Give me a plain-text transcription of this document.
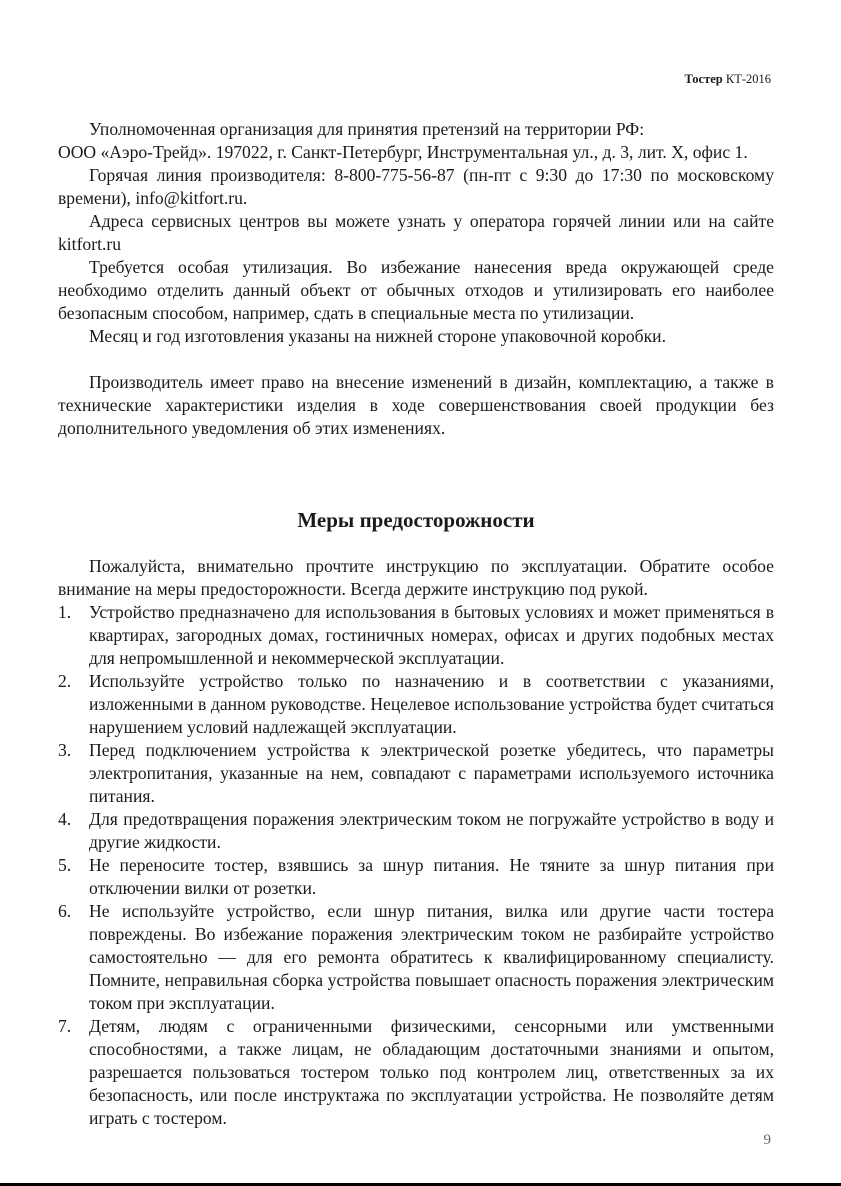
Тостер КТ-2016

Уполномоченная организация для принятия претензий на территории РФ:

ООО «Аэро-Трейд». 197022, г. Санкт-Петербург, Инструментальная ул., д. 3, лит. Х, офис 1.

Горячая линия производителя: 8-800-775-56-87 (пн-пт с 9:30 до 17:30 по московскому времени), info@kitfort.ru.

Адреса сервисных центров вы можете узнать у оператора горячей линии или на сайте kitfort.ru

Требуется особая утилизация. Во избежание нанесения вреда окружающей среде необходимо отделить данный объект от обычных отходов и утилизировать его наиболее безопасным способом, например, сдать в специальные места по утилизации.

Месяц и год изготовления указаны на нижней стороне упаковочной коробки.

Производитель имеет право на внесение изменений в дизайн, комплектацию, а также в технические характеристики изделия в ходе совершенствования своей продукции без дополнительного уведомления об этих изменениях.

Меры предосторожности

Пожалуйста, внимательно прочтите инструкцию по эксплуатации. Обратите особое внимание на меры предосторожности. Всегда держите инструкцию под рукой.

1. Устройство предназначено для использования в бытовых условиях и может применяться в квартирах, загородных домах, гостиничных номерах, офисах и других подобных местах для непромышленной и некоммерческой эксплуатации.
2. Используйте устройство только по назначению и в соответствии с указаниями, изложенными в данном руководстве. Нецелевое использование устройства будет считаться нарушением условий надлежащей эксплуатации.
3. Перед подключением устройства к электрической розетке убедитесь, что параметры электропитания, указанные на нем, совпадают с параметрами используемого источника питания.
4. Для предотвращения поражения электрическим током не погружайте устройство в воду и другие жидкости.
5. Не переносите тостер, взявшись за шнур питания. Не тяните за шнур питания при отключении вилки от розетки.
6. Не используйте устройство, если шнур питания, вилка или другие части тостера повреждены. Во избежание поражения электрическим током не разбирайте устройство самостоятельно — для его ремонта обратитесь к квалифицированному специалисту. Помните, неправильная сборка устройства повышает опасность поражения электрическим током при эксплуатации.
7. Детям, людям с ограниченными физическими, сенсорными или умственными способностями, а также лицам, не обладающим достаточными знаниями и опытом, разрешается пользоваться тостером только под контролем лиц, ответственных за их безопасность, или после инструктажа по эксплуатации устройства. Не позволяйте детям играть с тостером.
9
